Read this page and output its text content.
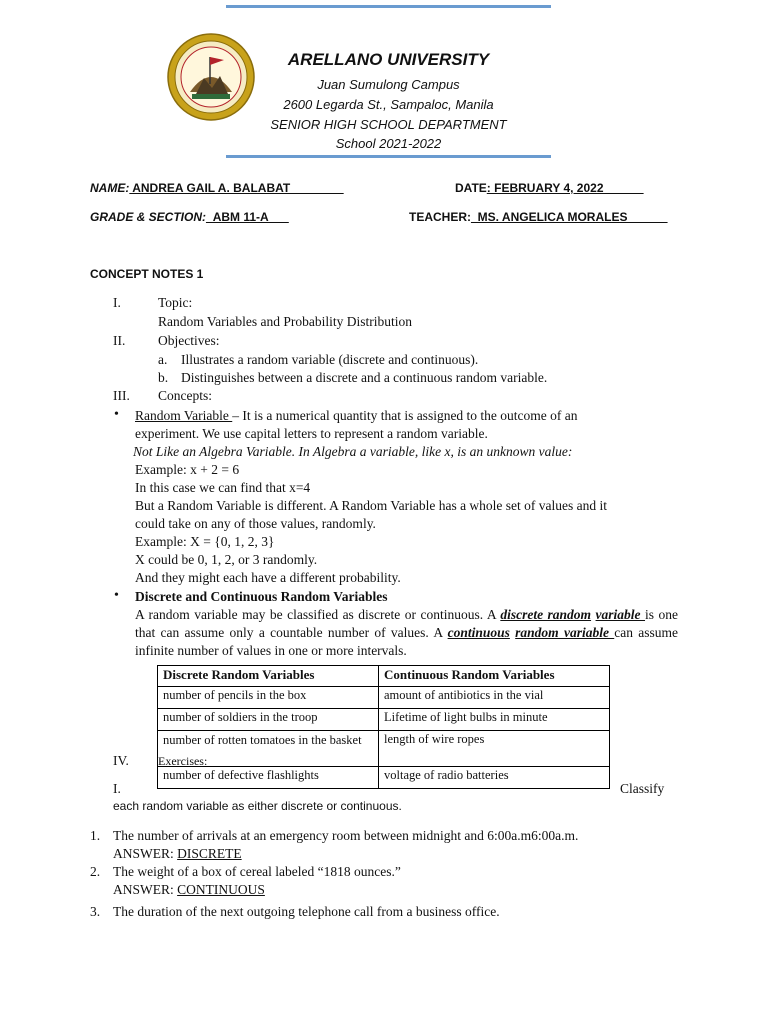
ARELLANO UNIVERSITY
Juan Sumulong Campus
2600 Legarda St., Sampaloc, Manila
SENIOR HIGH SCHOOL DEPARTMENT
School 2021-2022
NAME: ANDREA GAIL A. BALABAT________	DATE: FEBRUARY 4, 2022______
GRADE & SECTION:_ABM 11-A___	TEACHER:_MS. ANGELICA MORALES______
CONCEPT NOTES 1
I.	Topic:
Random Variables and Probability Distribution
II. Objectives:
a. Illustrates a random variable (discrete and continuous).
b. Distinguishes between a discrete and a continuous random variable.
III. Concepts:
• Random Variable – It is a numerical quantity that is assigned to the outcome of an
experiment. We use capital letters to represent a random variable.
Not Like an Algebra Variable. In Algebra a variable, like x, is an unknown value:
Example: x + 2 = 6
In this case we can find that x=4
But a Random Variable is different. A Random Variable has a whole set of values and it
could take on any of those values, randomly.
Example: X = {0, 1, 2, 3}
X could be 0, 1, 2, or 3 randomly.
And they might each have a different probability.
• Discrete and Continuous Random Variables
A random variable may be classified as discrete or continuous. A discrete random variable is one that can assume only a countable number of values. A continuous random variable can assume infinite number of values in one or more intervals.
Discrete Random Variables	Continuous Random Variables
number of pencils in the box	amount of antibiotics in the vial
number of soldiers in the troop	Lifetime of light bulbs in minute
number of rotten tomatoes in the basket	length of wire ropes
number of defective flashlights	voltage of radio batteries
IV. Exercises:
I.	Classify
each random variable as either discrete or continuous.
1. The number of arrivals at an emergency room between midnight and 6:00a.m6:00a.m.
ANSWER: DISCRETE
2. The weight of a box of cereal labeled “1818 ounces.”
ANSWER: CONTINUOUS
3. The duration of the next outgoing telephone call from a business office.
